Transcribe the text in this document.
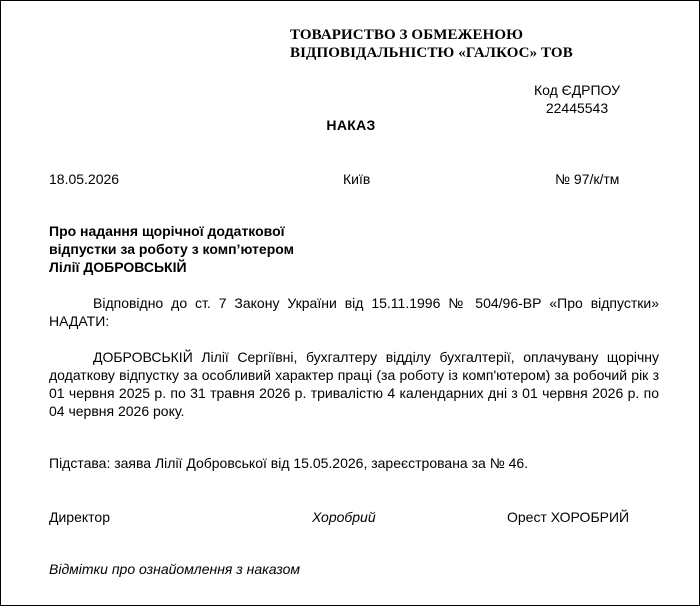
ТОВАРИСТВО З ОБМЕЖЕНОЮ
ВІДПОВІДАЛЬНІСТЮ «ГАЛКОС» ТОВ
Код ЄДРПОУ
22445543
НАКАЗ
18.05.2026	Київ	№ 97/к/тм
Про надання щорічної додаткової
відпустки за роботу з комп’ютером
Лілії ДОБРОВСЬКІЙ
Відповідно до ст. 7 Закону України від 15.11.1996 № 504/96-ВР «Про відпустки» НАДАТИ:
ДОБРОВСЬКІЙ Лілії Сергіївні, бухгалтеру відділу бухгалтерії, оплачувану щорічну додаткову відпустку за особливий характер праці (за роботу із комп'ютером) за робочий рік з 01 червня 2025 р. по 31 травня 2026 р. тривалістю 4 календарних дні з 01 червня 2026 р. по 04 червня 2026 року.
Підстава: заява Лілії Добровської від 15.05.2026, зареєстрована за № 46.
Директор	Хоробрий	Орест ХОРОБРИЙ
Відмітки про ознайомлення з наказом
